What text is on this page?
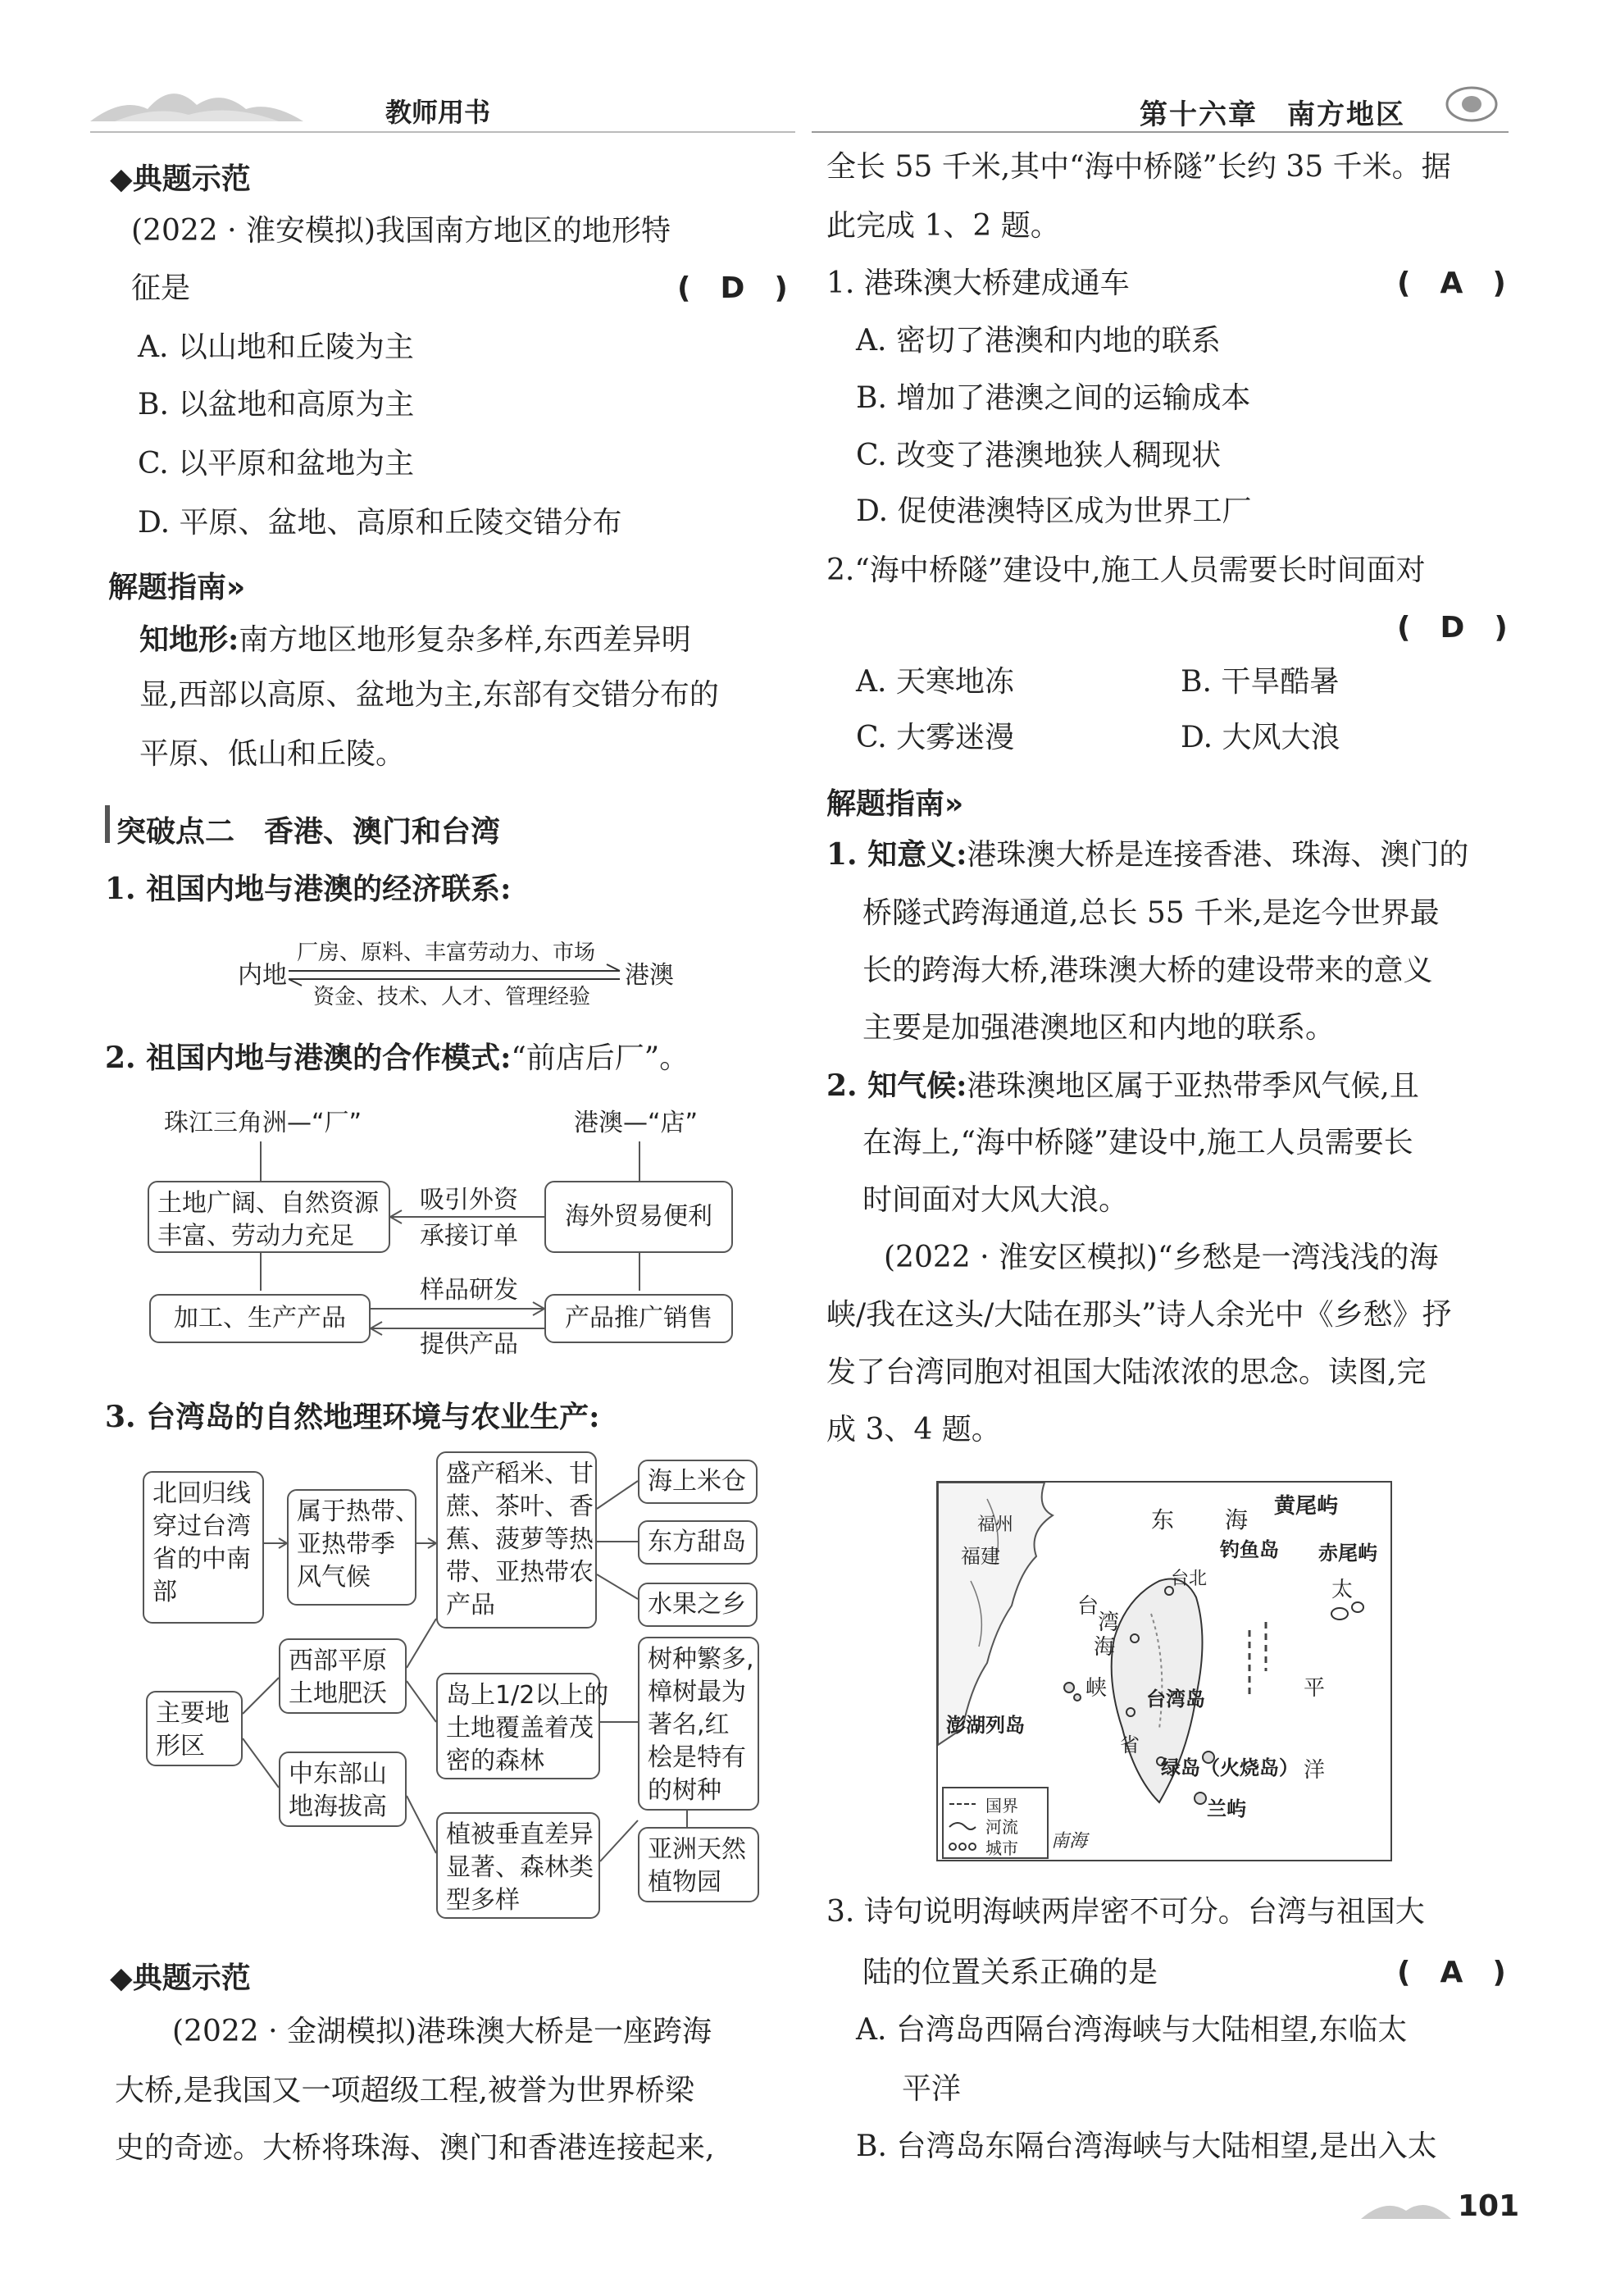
教师用书	第十六章　南方地区
◆典题示范
(2022 · 淮安模拟)我国南方地区的地形特
征是	(　D　)
A. 以山地和丘陵为主
B. 以盆地和高原为主
C. 以平原和盆地为主
D. 平原、盆地、高原和丘陵交错分布
解题指南»
知地形:南方地区地形复杂多样,东西差异明
显,西部以高原、盆地为主,东部有交错分布的
平原、低山和丘陵。
突破点二　香港、澳门和台湾
1. 祖国内地与港澳的经济联系:
内地
厂房、原料、丰富劳动力、市场
资金、技术、人才、管理经验
港澳
2. 祖国内地与港澳的合作模式:“前店后厂”。
珠江三角洲—“厂”	港澳—“店”
土地广阔、自然资源
丰富、劳动力充足
加工、生产产品
海外贸易便利
产品推广销售
吸引外资
承接订单
样品研发
提供产品
3. 台湾岛的自然地理环境与农业生产:
北回归线
穿过台湾
省的中南
部
属于热带、
亚热带季
风气候
盛产稻米、甘
蔗、茶叶、香
蕉、菠萝等热
带、亚热带农
产品
海上米仓
东方甜岛
水果之乡
主要地
形区
西部平原
土地肥沃
中东部山
地海拔高
岛上1/2以上的
土地覆盖着茂
密的森林
植被垂直差异
显著、森林类
型多样
树种繁多,
樟树最为
著名,红
桧是特有
的树种
亚洲天然
植物园
◆典题示范
(2022 · 金湖模拟)港珠澳大桥是一座跨海
大桥,是我国又一项超级工程,被誉为世界桥梁
史的奇迹。大桥将珠海、澳门和香港连接起来,
全长 55 千米,其中“海中桥隧”长约 35 千米。据
此完成 1、2 题。
1. 港珠澳大桥建成通车	(　A　)
A. 密切了港澳和内地的联系
B. 增加了港澳之间的运输成本
C. 改变了港澳地狭人稠现状
D. 促使港澳特区成为世界工厂
2.“海中桥隧”建设中,施工人员需要长时间面对
(　D　)
A. 天寒地冻	B. 干旱酷暑
C. 大雾迷漫	D. 大风大浪
解题指南»
1. 知意义:港珠澳大桥是连接香港、珠海、澳门的
桥隧式跨海通道,总长 55 千米,是迄今世界最
长的跨海大桥,港珠澳大桥的建设带来的意义
主要是加强港澳地区和内地的联系。
2. 知气候:港珠澳地区属于亚热带季风气候,且
在海上,“海中桥隧”建设中,施工人员需要长
时间面对大风大浪。
(2022 · 淮安区模拟)“乡愁是一湾浅浅的海
峡/我在这头/大陆在那头”诗人余光中《乡愁》抒
发了台湾同胞对祖国大陆浓浓的思念。读图,完
成 3、4 题。
福州
福建
东 海 黄尾屿
钓鱼岛 赤尾屿
台
海
峡
湾
台北
台湾岛
省
澎湖列岛
绿岛（火烧岛）
兰屿
南海
太
平
洋
国界
河流
城市
3. 诗句说明海峡两岸密不可分。台湾与祖国大
陆的位置关系正确的是	(　A　)
A. 台湾岛西隔台湾海峡与大陆相望,东临太
平洋
B. 台湾岛东隔台湾海峡与大陆相望,是出入太
101
